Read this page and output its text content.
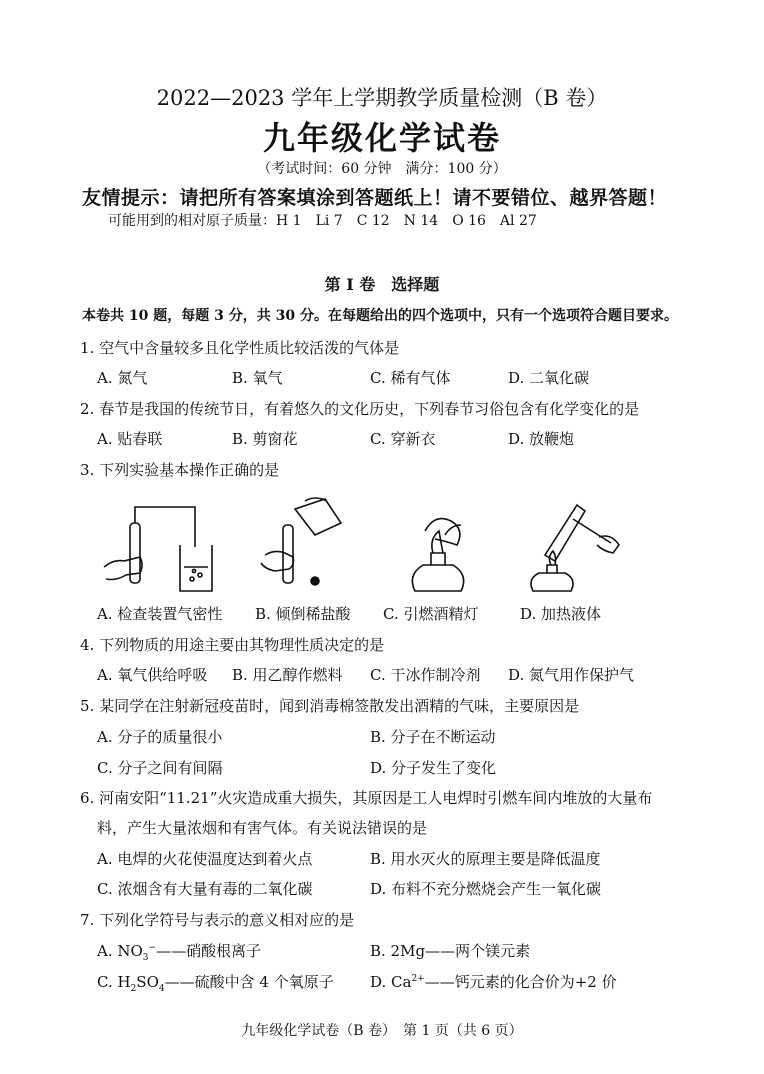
2022—2023 学年上学期教学质量检测（B 卷）
九年级化学试卷
（考试时间：60 分钟　满分：100 分）
友情提示：请把所有答案填涂到答题纸上！请不要错位、越界答题！
可能用到的相对原子质量：H 1　Li 7　C 12　N 14　O 16　Al 27
第 I 卷　选择题
本卷共 10 题，每题 3 分，共 30 分。在每题给出的四个选项中，只有一个选项符合题目要求。
1. 空气中含量较多且化学性质比较活泼的气体是
A. 氮气	B. 氧气	C. 稀有气体	D. 二氧化碳
2. 春节是我国的传统节日，有着悠久的文化历史，下列春节习俗包含有化学变化的是
A. 贴春联	B. 剪窗花	C. 穿新衣	D. 放鞭炮
3. 下列实验基本操作正确的是
A. 检查装置气密性 B. 倾倒稀盐酸 C. 引燃酒精灯	D. 加热液体
4. 下列物质的用途主要由其物理性质决定的是
A. 氧气供给呼吸 B. 用乙醇作燃料 C. 干冰作制冷剂 D. 氮气用作保护气
5. 某同学在注射新冠疫苗时，闻到消毒棉签散发出酒精的气味，主要原因是
A. 分子的质量很小	B. 分子在不断运动
C. 分子之间有间隔	D. 分子发生了变化
6. 河南安阳“11.21”火灾造成重大损失，其原因是工人电焊时引燃车间内堆放的大量布
料，产生大量浓烟和有害气体。有关说法错误的是
A. 电焊的火花使温度达到着火点	B. 用水灭火的原理主要是降低温度
C. 浓烟含有大量有毒的二氧化碳	D. 布料不充分燃烧会产生一氧化碳
7. 下列化学符号与表示的意义相对应的是
A. $NO_3^-——$硝酸根离子	B. 2Mg——两个镁元素
C. $H_2SO_4——$硫酸中含 4 个氧原子 D. $Ca^{2+}——$钙元素的化合价为+2 价
九年级化学试卷（B 卷）　第 1 页（共 6 页）
